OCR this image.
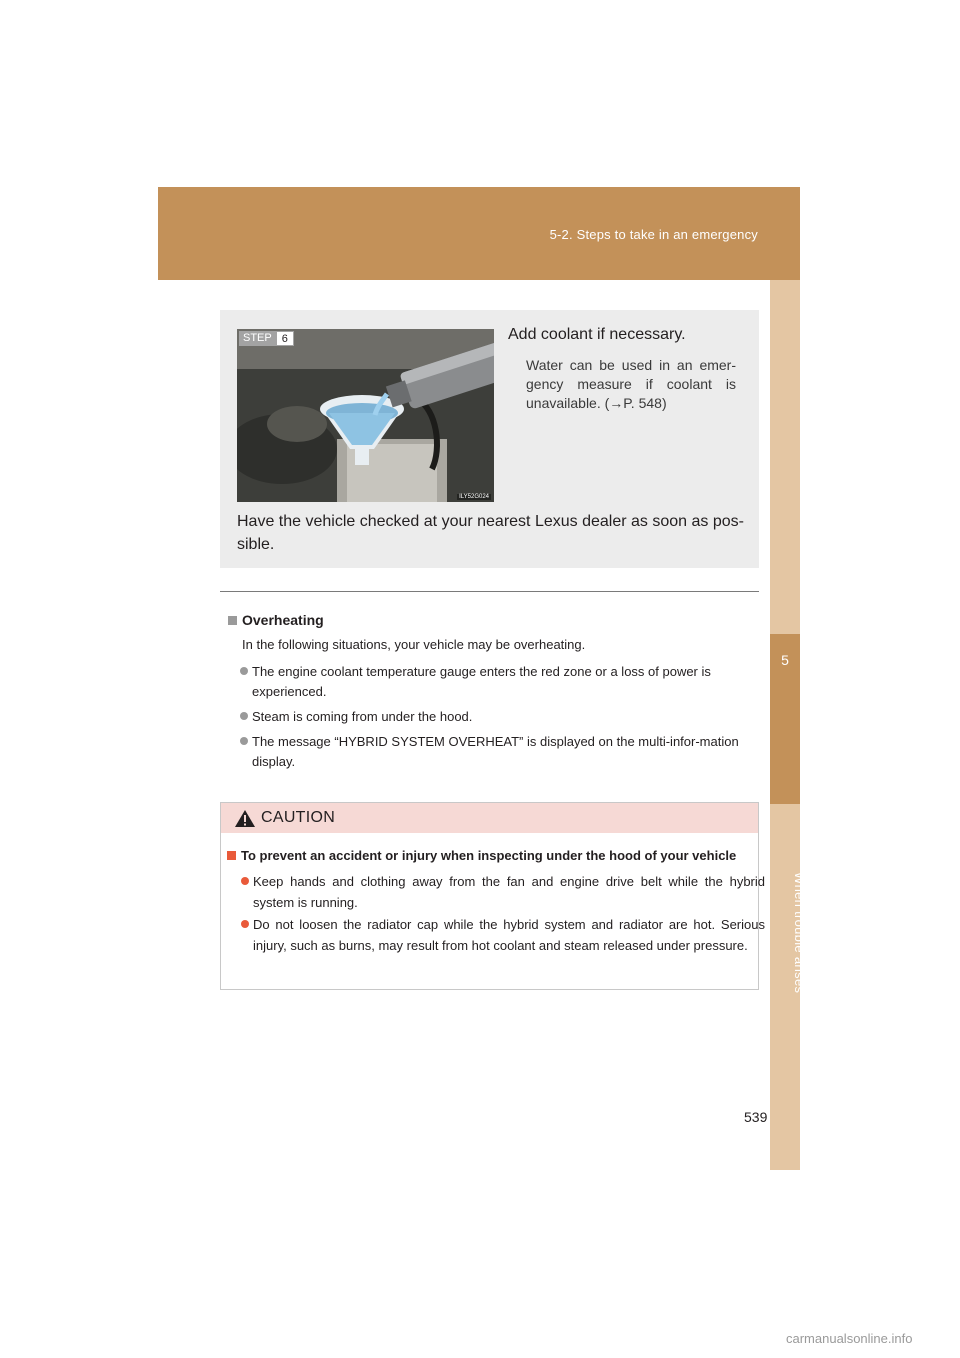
5-2. Steps to take in an emergency
5
When trouble arises
STEP 6
ILY52G024
Add coolant if necessary.
Water can be used in an emer-gency measure if coolant is unavailable. (→P. 548)
Have the vehicle checked at your nearest Lexus dealer as soon as pos-sible.
Overheating
In the following situations, your vehicle may be overheating.
The engine coolant temperature gauge enters the red zone or a loss of power is experienced.
Steam is coming from under the hood.
The message “HYBRID SYSTEM OVERHEAT” is displayed on the multi-infor-mation display.
CAUTION
To prevent an accident or injury when inspecting under the hood of your vehicle
Keep hands and clothing away from the fan and engine drive belt while the hybrid system is running.
Do not loosen the radiator cap while the hybrid system and radiator are hot. Serious injury, such as burns, may result from hot coolant and steam released under pressure.
539
carmanualsonline.info
